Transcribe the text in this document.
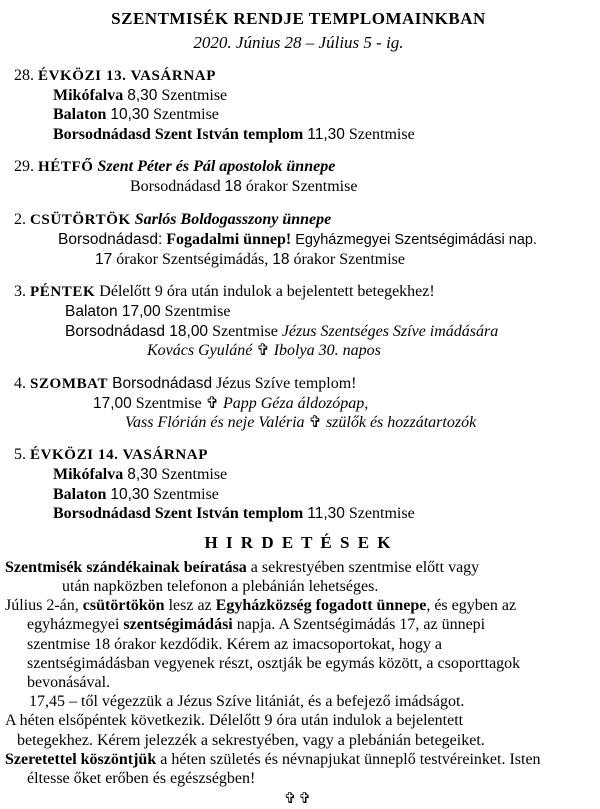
SZENTMISÉK RENDJE TEMPLOMAINKBAN
2020. Június 28 – Július 5 - ig.
28. ÉVKÖZI 13. VASÁRNAP
Mikófalva 8,30 Szentmise
Balaton 10,30 Szentmise
Borsodnádasd Szent István templom 11,30 Szentmise
29. HÉTFŐ Szent Péter és Pál apostolok ünnepe
Borsodnádasd 18 órakor Szentmise
2. CSÜTÖRTÖK Sarlós Boldogasszony ünnepe
Borsodnádasd: Fogadalmi ünnep! Egyházmegyei Szentségimádási nap.
17 órakor Szentségimádás, 18 órakor Szentmise
3. PÉNTEK Délelőtt 9 óra után indulok a bejelentett betegekhez!
Balaton 17,00 Szentmise
Borsodnádasd 18,00 Szentmise Jézus Szentséges Szíve imádására
Kovács Gyuláné ✞ Ibolya 30. napos
4. SZOMBAT Borsodnádasd Jézus Szíve templom!
17,00 Szentmise ✞ Papp Géza áldozópap,
Vass Flórián és neje Valéria ✞ szülők és hozzátartozók
5. ÉVKÖZI 14. VASÁRNAP
Mikófalva 8,30 Szentmise
Balaton 10,30 Szentmise
Borsodnádasd Szent István templom 11,30 Szentmise
H I R D E T É S E K
Szentmisék szándékainak beíratása a sekrestyében szentmise előtt vagy
után napközben telefonon a plebánián lehetséges.
Július 2-án, csütörtökön lesz az Egyházközség fogadott ünnepe, és egyben az
egyházmegyei szentségimádási napja. A Szentségimádás 17, az ünnepi
szentmise 18 órakor kezdődik. Kérem az imacsoportokat, hogy a
szentségimádásban vegyenek részt, osztják be egymás között, a csoporttagok
bevonásával.
17,45 – től végezzük a Jézus Szíve litániát, és a befejező imádságot.
A héten elsőpéntek következik. Délelőtt 9 óra után indulok a bejelentett
betegekhez. Kérem jelezzék a sekrestyében, vagy a plebánián betegeiket.
Szeretettel köszöntjük a héten születés és névnapjukat ünneplő testvéreinket. Isten
éltesse őket erőben és egészségben!
✞✞
